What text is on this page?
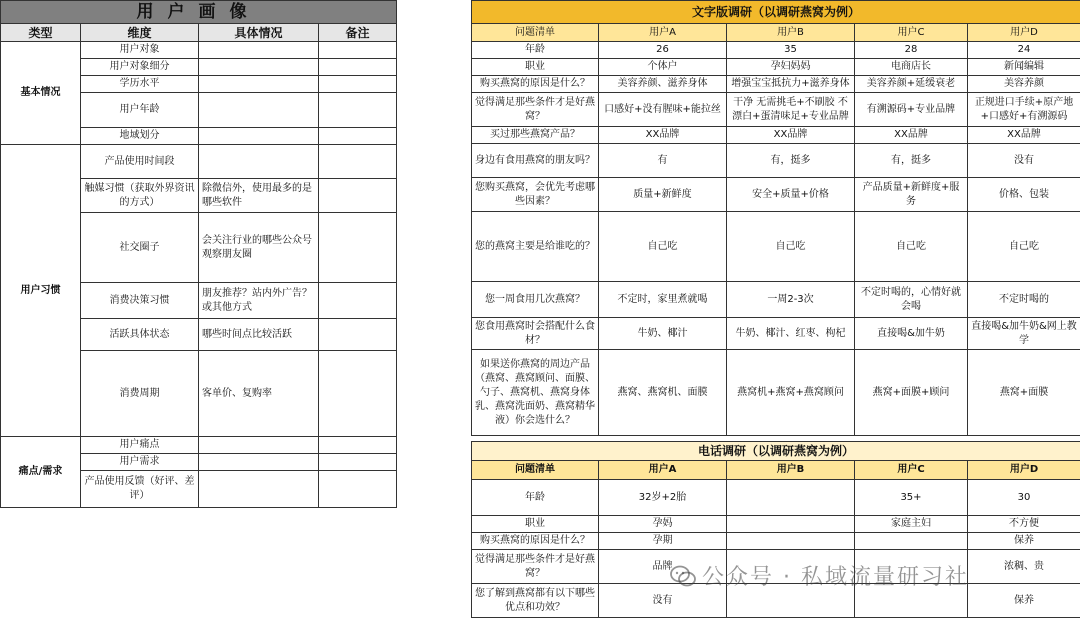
用户画像			
类型	维度	具体情况	备注
基本情况	用户对象		
	用户对象细分		
	学历水平		
	用户年龄		
	地域划分		
用户习惯	产品使用时间段		
	触媒习惯（获取外界资讯的方式）	除微信外，使用最多的是哪些软件	
	社交圈子	会关注行业的哪些公众号观察朋友圈	
	消费决策习惯	朋友推荐？站内外广告？或其他方式	
	活跃具体状态	哪些时间点比较活跃	
	消费周期	客单价、复购率	
痛点/需求	用户痛点		
	用户需求		
	产品使用反馈（好评、差评）		
文字版调研（以调研燕窝为例）				
问题清单	用户A	用户B	用户C	用户D
年龄	26	35	28	24
职业	个体户	孕妇妈妈	电商店长	新闻编辑
购买燕窝的原因是什么？	美容养颜、滋养身体	增强宝宝抵抗力+滋养身体	美容养颜+延缓衰老	美容养颜
觉得满足那些条件才是好燕窝？	口感好+没有腥味+能拉丝	干净 无需挑毛+不刷胶 不漂白+蛋清味足+专业品牌	有溯源码+专业品牌	正规进口手续+原产地+口感好+有溯源码
买过那些燕窝产品？	XX品牌	XX品牌	XX品牌	XX品牌
身边有食用燕窝的朋友吗？	有	有，挺多	有，挺多	没有
您购买燕窝，会优先考虑哪些因素？	质量+新鲜度	安全+质量+价格	产品质量+新鲜度+服务	价格、包装
您的燕窝主要是给谁吃的？	自己吃	自己吃	自己吃	自己吃
您一周食用几次燕窝？	不定时，家里煮就喝	一周2-3次	不定时喝的，心情好就会喝	不定时喝的
您食用燕窝时会搭配什么食材？	牛奶、椰汁	牛奶、椰汁、红枣、枸杞	直接喝&加牛奶	直接喝&加牛奶&网上教学
如果送你燕窝的周边产品（燕窝、燕窝顾问、面膜、勺子、燕窝机、燕窝身体乳、燕窝洗面奶、燕窝精华液）你会选什么？	燕窝、燕窝机、面膜	燕窝机+燕窝+燕窝顾问	燕窝+面膜+顾问	燕窝+面膜
电话调研（以调研燕窝为例）				
问题清单	用户A	用户B	用户C	用户D
年龄	32岁+2胎		35+	30
职业	孕妈		家庭主妇	不方便
购买燕窝的原因是什么？	孕期			保养
觉得满足那些条件才是好燕窝？	品牌			浓稠、贵
您了解到燕窝都有以下哪些优点和功效？	没有			保养
公众号 · 私域流量研习社
